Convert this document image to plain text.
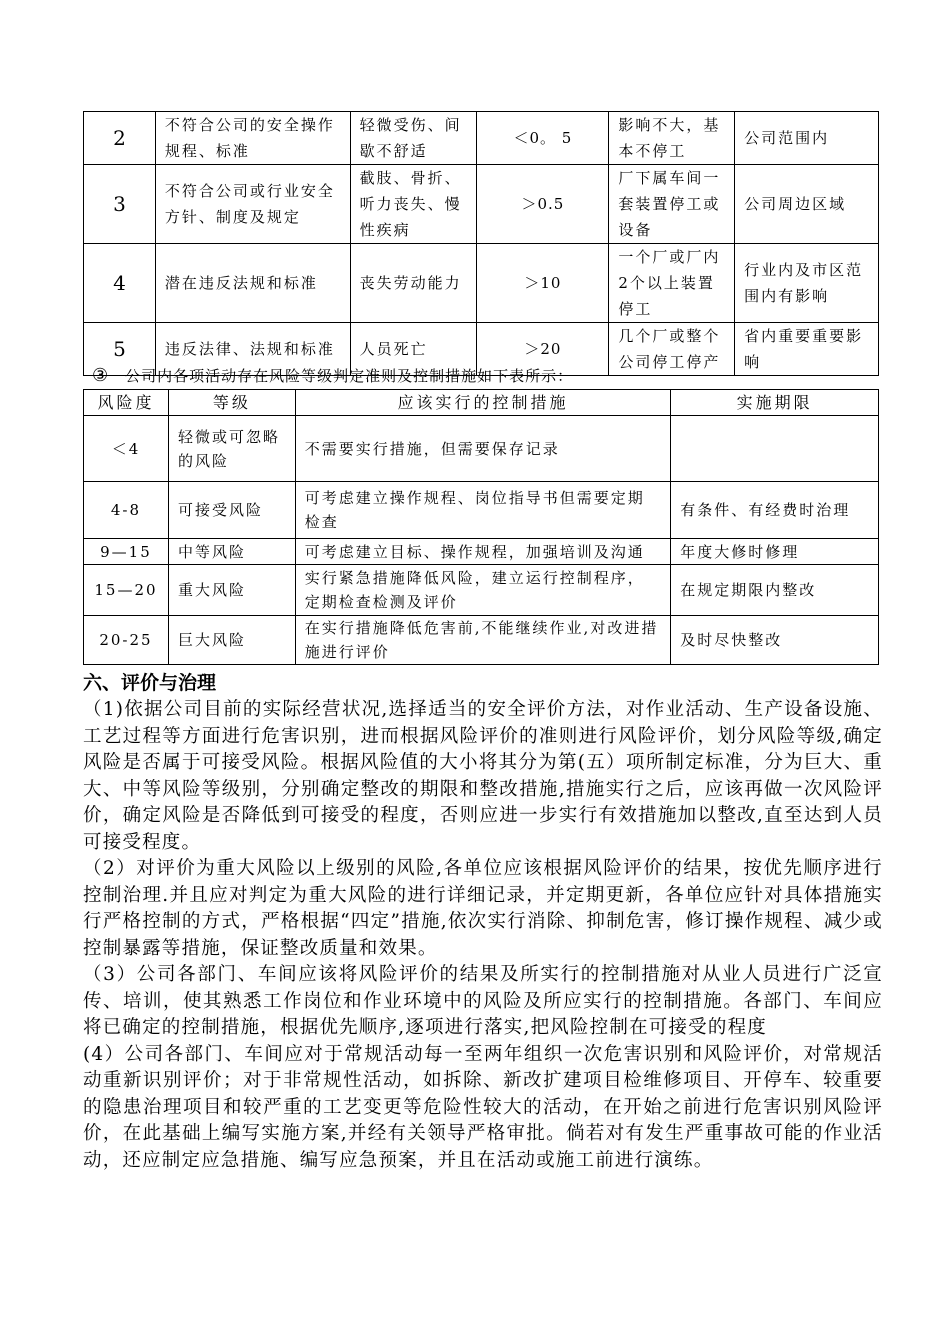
2	不符合公司的安全操作规程、标准	轻微受伤、间歇不舒适	＜0。 5	影响不大，基本不停工	公司范围内
3	不符合公司或行业安全方针、制度及规定	截肢、骨折、听力丧失、慢性疾病	＞0.5	厂下属车间一套装置停工或设备	公司周边区域
4	潜在违反法规和标准	丧失劳动能力	＞10	一个厂或厂内2个以上装置停工	行业内及市区范围内有影响
5	违反法律、法规和标准	人员死亡	＞20	几个厂或整个公司停工停产	省内重要重要影响
③ 公司内各项活动存在风险等级判定准则及控制措施如下表所示：
风险度	等级	应该实行的控制措施	实施期限
＜4	轻微或可忽略的风险	不需要实行措施，但需要保存记录	
4-8	可接受风险	可考虑建立操作规程、岗位指导书但需要定期检查	有条件、有经费时治理
9—15	中等风险	可考虑建立目标、操作规程，加强培训及沟通	年度大修时修理
15—20	重大风险	实行紧急措施降低风险，建立运行控制程序，定期检查检测及评价	在规定期限内整改
20-25	巨大风险	在实行措施降低危害前,不能继续作业,对改进措施进行评价	及时尽快整改
六、评价与治理
（1)依据公司目前的实际经营状况,选择适当的安全评价方法，对作业活动、生产设备设施、工艺过程等方面进行危害识别，进而根据风险评价的准则进行风险评价，划分风险等级,确定风险是否属于可接受风险。根据风险值的大小将其分为第(五）项所制定标准，分为巨大、重大、中等风险等级别，分别确定整改的期限和整改措施,措施实行之后，应该再做一次风险评价，确定风险是否降低到可接受的程度，否则应进一步实行有效措施加以整改,直至达到人员可接受程度。
（2）对评价为重大风险以上级别的风险,各单位应该根据风险评价的结果，按优先顺序进行控制治理.并且应对判定为重大风险的进行详细记录，并定期更新，各单位应针对具体措施实行严格控制的方式，严格根据“四定”措施,依次实行消除、抑制危害，修订操作规程、减少或控制暴露等措施，保证整改质量和效果。
（3）公司各部门、车间应该将风险评价的结果及所实行的控制措施对从业人员进行广泛宣传、培训，使其熟悉工作岗位和作业环境中的风险及所应实行的控制措施。各部门、车间应将已确定的控制措施，根据优先顺序,逐项进行落实,把风险控制在可接受的程度
(4）公司各部门、车间应对于常规活动每一至两年组织一次危害识别和风险评价，对常规活动重新识别评价；对于非常规性活动，如拆除、新改扩建项目检维修项目、开停车、较重要的隐患治理项目和较严重的工艺变更等危险性较大的活动，在开始之前进行危害识别风险评价，在此基础上编写实施方案,并经有关领导严格审批。倘若对有发生严重事故可能的作业活动，还应制定应急措施、编写应急预案，并且在活动或施工前进行演练。
